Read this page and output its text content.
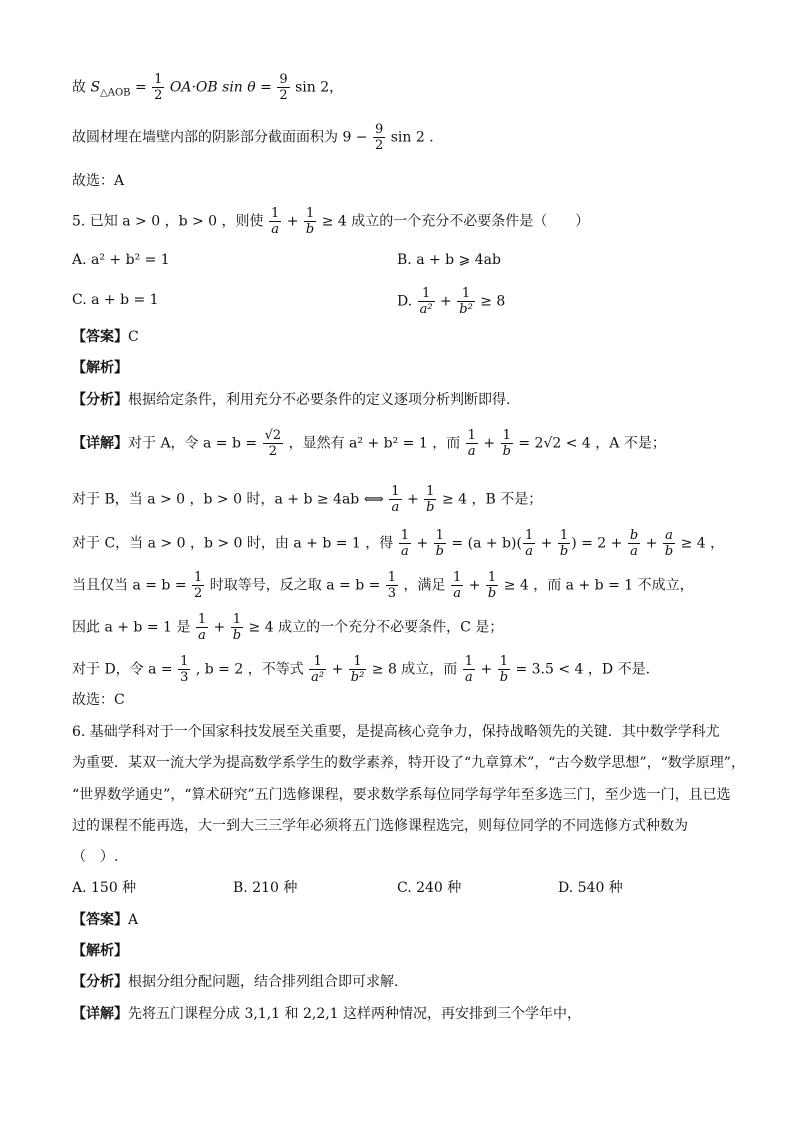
故 $S_{\triangle AOB} = \frac{1}{2} OA\cdot OB$ $\sin \theta = \frac{9}{2}$ sin 2，
故圆材埋在墙壁内部的阴影部分截面面积为 $9 - \frac{9}{2}$ sin 2 .
故选：A
5. 已知 a > 0 ，b > 0 ，则使 $\frac{1}{a} + \frac{1}{b} \ge 4$ 成立的一个充分不必要条件是（　　）
A. a² + b² = 1	B. a + b ⩾ 4ab
C. a + b = 1	D. $\frac{1}{\text{a²}} + \frac{1}{\text{b²}} \ge 8$
【答案】C
【解析】
【分析】根据给定条件，利用充分不必要条件的定义逐项分析判断即得.
【详解】对于 A，令 $a = b = \frac{√2}{2}$ ，显然有 a² + b² = 1 ，而 $\frac{1}{a} + \frac{1}{b} = 2√2 < 4$ ，A 不是；
对于 B，当 a > 0 ，b > 0 时，a + b ≥ 4ab ⟺ $\frac{1}{a} + \frac{1}{b} \ge 4$ ，B 不是；
对于 C，当 a > 0 ，b > 0 时，由 a + b = 1 ，得 $\frac{1}{a} + \frac{1}{b} = (a + b)( \frac{1}{a} + \frac{1}{b}$ ) = $2 + \frac{b}{a} + \frac{a}{b} \ge 4$ ，
当且仅当 $a = b = \frac{1}{2}$ 时取等号，反之取 $a = b = \frac{1}{3}$ ，满足 $\frac{1}{a} + \frac{1}{b} \ge 4$ ，而 a + b = 1 不成立，
因此 a + b = 1 是 $\frac{1}{a} + \frac{1}{b} \ge 4$ 成立的一个充分不必要条件，C 是；
对于 D，令 $a = \frac{1}{3}$ , b = 2 ，不等式 $\frac{1}{\text{a²}} + \frac{1}{\text{b²}} \ge 8$ 成立，而 $\frac{1}{a} + \frac{1}{b} = 3.5 < 4$ ，D 不是.
故选：C
6. 基础学科对于一个国家科技发展至关重要，是提高核心竞争力，保持战略领先的关键．其中数学学科尤
为重要．某双一流大学为提高数学系学生的数学素养，特开设了“九章算术”，“古今数学思想”，“数学原理”，
“世界数学通史”，“算术研究”五门选修课程，要求数学系每位同学每学年至多选三门，至少选一门，且已选
过的课程不能再选，大一到大三三学年必须将五门选修课程选完，则每位同学的不同选修方式种数为
（　）.
A. 150 种	B. 210 种	C. 240 种	D. 540 种
【答案】A
【解析】
【分析】根据分组分配问题，结合排列组合即可求解.
【详解】先将五门课程分成 3,1,1 和 2,2,1 这样两种情况，再安排到三个学年中，
